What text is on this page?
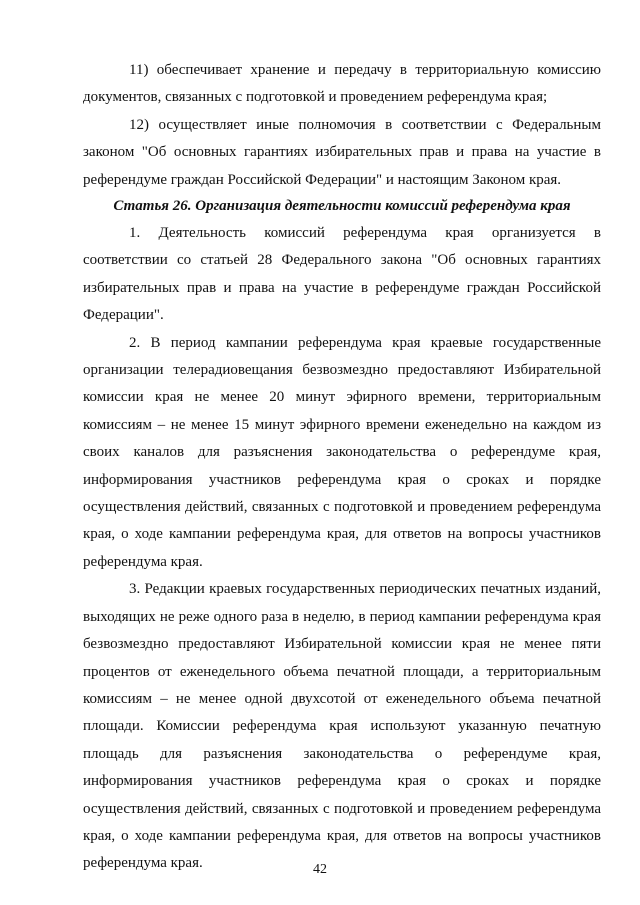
11) обеспечивает хранение и передачу в территориальную комиссию документов, связанных с подготовкой и проведением референдума края;

12) осуществляет иные полномочия в соответствии с Федеральным законом "Об основных гарантиях избирательных прав и права на участие в референдуме граждан Российской Федерации" и настоящим Законом края.

Статья 26. Организация деятельности комиссий референдума края

1. Деятельность комиссий референдума края организуется в соответствии со статьей 28 Федерального закона "Об основных гарантиях избирательных прав и права на участие в референдуме граждан Российской Федерации".

2. В период кампании референдума края краевые государственные организации телерадиовещания безвозмездно предоставляют Избирательной комиссии края не менее 20 минут эфирного времени, территориальным комиссиям – не менее 15 минут эфирного времени еженедельно на каждом из своих каналов для разъяснения законодательства о референдуме края, информирования участников референдума края о сроках и порядке осуществления действий, связанных с подготовкой и проведением референдума края, о ходе кампании референдума края, для ответов на вопросы участников референдума края.

3. Редакции краевых государственных периодических печатных изданий, выходящих не реже одного раза в неделю, в период кампании референдума края безвозмездно предоставляют Избирательной комиссии края не менее пяти процентов от еженедельного объема печатной площади, а территориальным комиссиям – не менее одной двухсотой от еженедельного объема печатной площади. Комиссии референдума края используют указанную печатную площадь для разъяснения законодательства о референдуме края, информирования участников референдума края о сроках и порядке осуществления действий, связанных с подготовкой и проведением референдума края, о ходе кампании референдума края, для ответов на вопросы участников референдума края.	42
